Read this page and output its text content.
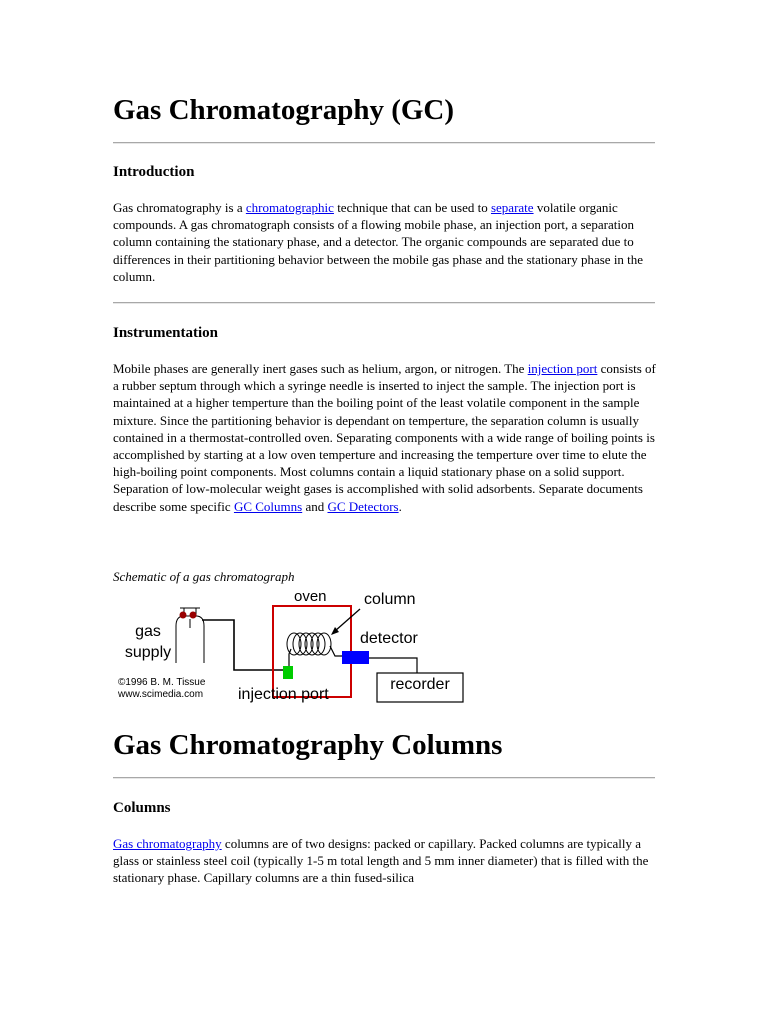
Gas Chromatography (GC)
Introduction

Gas chromatography is a chromatographic technique that can be used to separate volatile organic compounds. A gas chromatograph consists of a flowing mobile phase, an injection port, a separation column containing the stationary phase, and a detector. The organic compounds are separated due to differences in their partitioning behavior between the mobile gas phase and the stationary phase in the column.

Instrumentation

Mobile phases are generally inert gases such as helium, argon, or nitrogen. The injection port consists of a rubber septum through which a syringe needle is inserted to inject the sample. The injection port is maintained at a higher temperture than the boiling point of the least volatile component in the sample mixture. Since the partitioning behavior is dependant on temperture, the separation column is usually contained in a thermostat-controlled oven. Separating components with a wide range of boiling points is accomplished by starting at a low oven temperture and increasing the temperture over time to elute the high-boiling point components. Most columns contain a liquid stationary phase on a solid support. Separation of low-molecular weight gases is accomplished with solid adsorbents. Separate documents describe some specific GC Columns and GC Detectors.

Schematic of a gas chromatograph
gas
supply
oven column
detector
recorder
injection port
©1996 B. M. Tissue
www.scimedia.com
Gas Chromatography Columns
Columns

Gas chromatography columns are of two designs: packed or capillary. Packed columns are typically a glass or stainless steel coil (typically 1-5 m total length and 5 mm inner diameter) that is filled with the stationary phase. Capillary columns are a thin fused-silica
